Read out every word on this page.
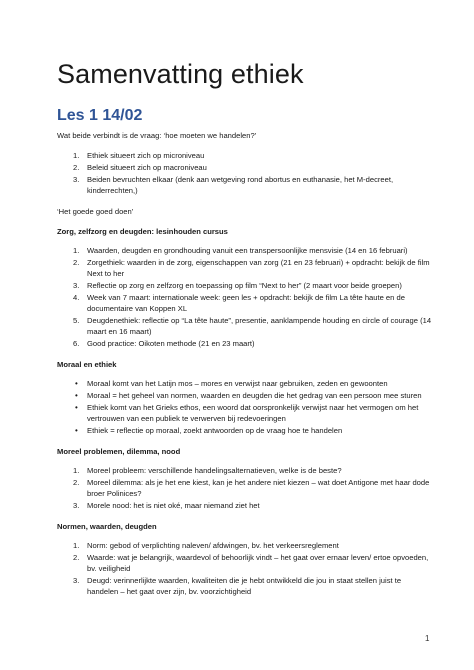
Samenvatting ethiek
Les 1 14/02

Wat beide verbindt is de vraag: ‘hoe moeten we handelen?’

1. Ethiek situeert zich op microniveau
2. Beleid situeert zich op macroniveau
3. Beiden bevruchten elkaar (denk aan wetgeving rond abortus en euthanasie, het M-decreet, kinderrechten,)

‘Het goede goed doen’

Zorg, zelfzorg en deugden: lesinhouden cursus
1. Waarden, deugden en grondhouding vanuit een transpersoonlijke mensvisie (14 en 16 februari)
2. Zorgethiek: waarden in de zorg, eigenschappen van zorg (21 en 23 februari) + opdracht: bekijk de film Next to her
3. Reflectie op zorg en zelfzorg en toepassing op film “Next to her” (2 maart voor beide groepen)
4. Week van 7 maart: internationale week: geen les + opdracht: bekijk de film La tête haute en de documentaire van Koppen XL
5. Deugdenethiek: reflectie op “La tête haute”, presentie, aanklampende houding en circle of courage (14 maart en 16 maart)
6. Good practice: Oikoten methode (21 en 23 maart)
Moraal en ethiek
• Moraal komt van het Latijn mos – mores en verwijst naar gebruiken, zeden en gewoonten
• Moraal = het geheel van normen, waarden en deugden die het gedrag van een persoon mee sturen
• Ethiek komt van het Grieks ethos, een woord dat oorspronkelijk verwijst naar het vermogen om het vertrouwen van een publiek te verwerven bij redevoeringen
• Ethiek = reflectie op moraal, zoekt antwoorden op de vraag hoe te handelen
Moreel problemen, dilemma, nood
1. Moreel probleem: verschillende handelingsalternatieven, welke is de beste?
2. Moreel dilemma: als je het ene kiest, kan je het andere niet kiezen – wat doet Antigone met haar dode broer Polinices?
3. Morele nood: het is niet oké, maar niemand ziet het
Normen, waarden, deugden
1. Norm: gebod of verplichting naleven/ afdwingen, bv. het verkeersreglement
2. Waarde: wat je belangrijk, waardevol of behoorlijk vindt – het gaat over ernaar leven/ ertoe opvoeden, bv. veiligheid
3. Deugd: verinnerlijkte waarden, kwaliteiten die je hebt ontwikkeld die jou in staat stellen juist te handelen – het gaat over zijn, bv. voorzichtigheid
1
